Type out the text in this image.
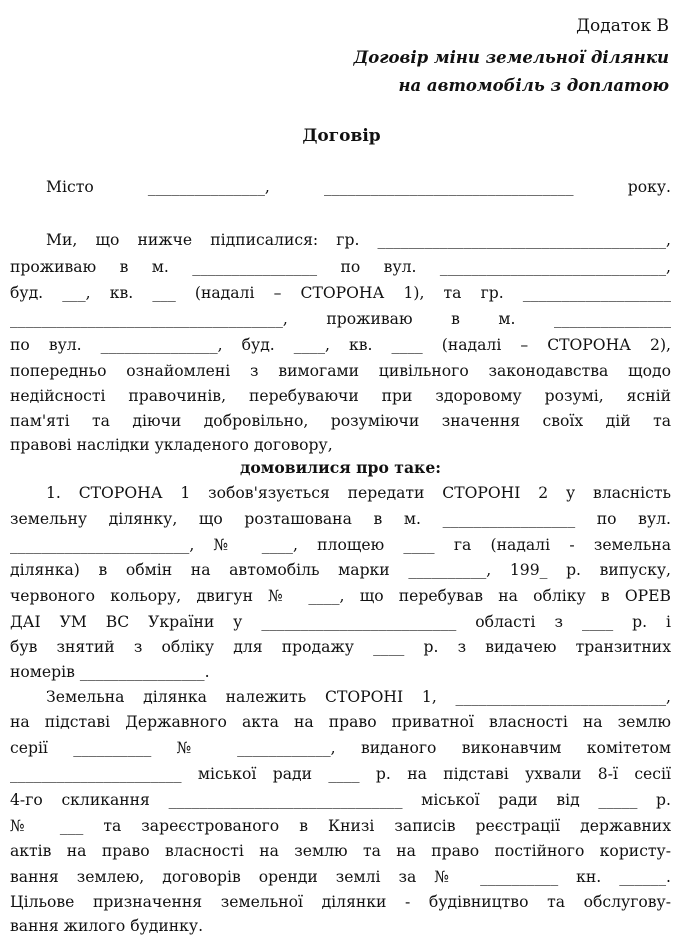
Додаток В
Договір міни земельної ділянки
на автомобіль з доплатою
Договір
Місто _______________, ________________________________ року.
Ми, що нижче підписалися: гр. _____________________________________,
проживаю в м. ________________ по вул. _____________________________,
буд. ___, кв. ___ (надалі – СТОРОНА 1), та гр. ___________________
___________________________________, проживаю в м. _______________
по вул. _______________, буд. ____, кв. ____ (надалі – СТОРОНА 2),
попередньо ознайомлені з вимогами цивільного законодавства щодо
недійсності правочинів, перебуваючи при здоровому розумі, ясній
пам'яті та діючи добровільно, розуміючи значення своїх дій та
правові наслідки укладеного договору,
домовилися про таке:
1. СТОРОНА 1 зобов'язується передати СТОРОНІ 2 у власність
земельну ділянку, що розташована в м. _________________ по вул.
_______________________, № ____, площею ____ га (надалі - земельна
ділянка) в обмін на автомобіль марки __________, 199_ р. випуску,
червоного кольору, двигун № ____, що перебував на обліку в ОРЕВ
ДАІ УМ ВС України у _________________________ області з ____ р. і
був знятий з обліку для продажу ____ р. з видачею транзитних
номерів ________________.
Земельна ділянка належить СТОРОНІ 1, ___________________________,
на підставі Державного акта на право приватної власності на землю
серії __________ № ____________, виданого виконавчим комітетом
______________________ міської ради ____ р. на підставі ухвали 8-ї сесії
4-го скликання ______________________________ міської ради від _____ р.
№ ___ та зареєстрованого в Книзі записів реєстрації державних
актів на право власності на землю та на право постійного користу-
вання землею, договорів оренди землі за № __________ кн. ______.
Цільове призначення земельної ділянки - будівництво та обслугову-
вання жилого будинку.
